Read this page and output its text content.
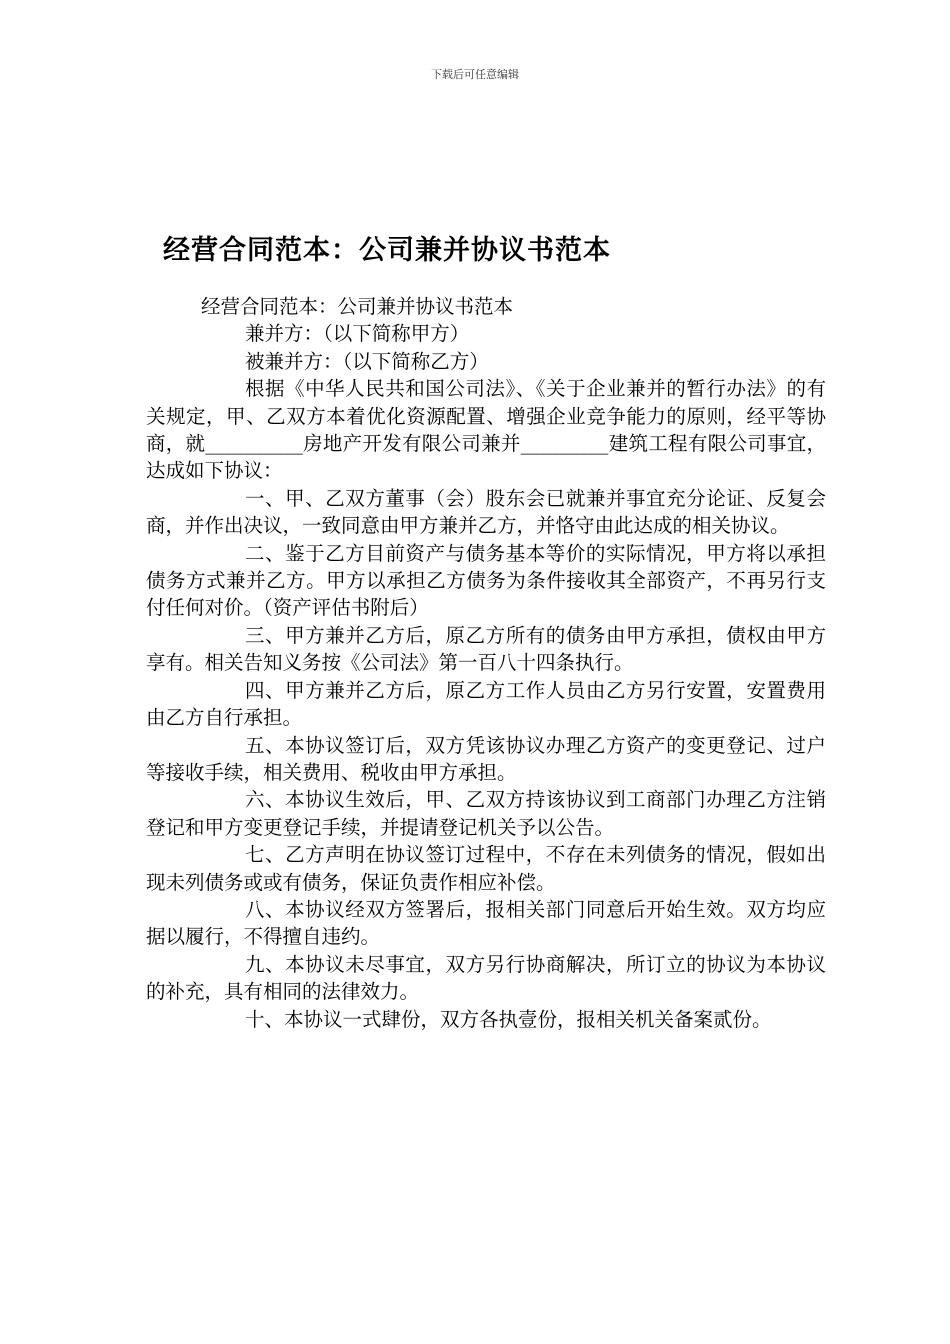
下载后可任意编辑
经营合同范本：公司兼并协议书范本

经营合同范本：公司兼并协议书范本

兼并方：（以下简称甲方）

被兼并方：（以下简称乙方）

根据《中华人民共和国公司法》、《关于企业兼并的暂行办法》的有关规定，甲、乙双方本着优化资源配置、增强企业竞争能力的原则，经平等协商，就__________房地产开发有限公司兼并_________建筑工程有限公司事宜，达成如下协议：

一、甲、乙双方董事（会）股东会已就兼并事宜充分论证、反复会商，并作出决议，一致同意由甲方兼并乙方，并恪守由此达成的相关协议。

二、鉴于乙方目前资产与债务基本等价的实际情况，甲方将以承担债务方式兼并乙方。甲方以承担乙方债务为条件接收其全部资产，不再另行支付任何对价。（资产评估书附后）

三、甲方兼并乙方后，原乙方所有的债务由甲方承担，债权由甲方享有。相关告知义务按《公司法》第一百八十四条执行。

四、甲方兼并乙方后，原乙方工作人员由乙方另行安置，安置费用由乙方自行承担。

五、本协议签订后，双方凭该协议办理乙方资产的变更登记、过户等接收手续，相关费用、税收由甲方承担。

六、本协议生效后，甲、乙双方持该协议到工商部门办理乙方注销登记和甲方变更登记手续，并提请登记机关予以公告。

七、乙方声明在协议签订过程中，不存在未列债务的情况，假如出现未列债务或或有债务，保证负责作相应补偿。

八、本协议经双方签署后，报相关部门同意后开始生效。双方均应据以履行，不得擅自违约。

九、本协议未尽事宜，双方另行协商解决，所订立的协议为本协议的补充，具有相同的法律效力。

十、本协议一式肆份，双方各执壹份，报相关机关备案贰份。
